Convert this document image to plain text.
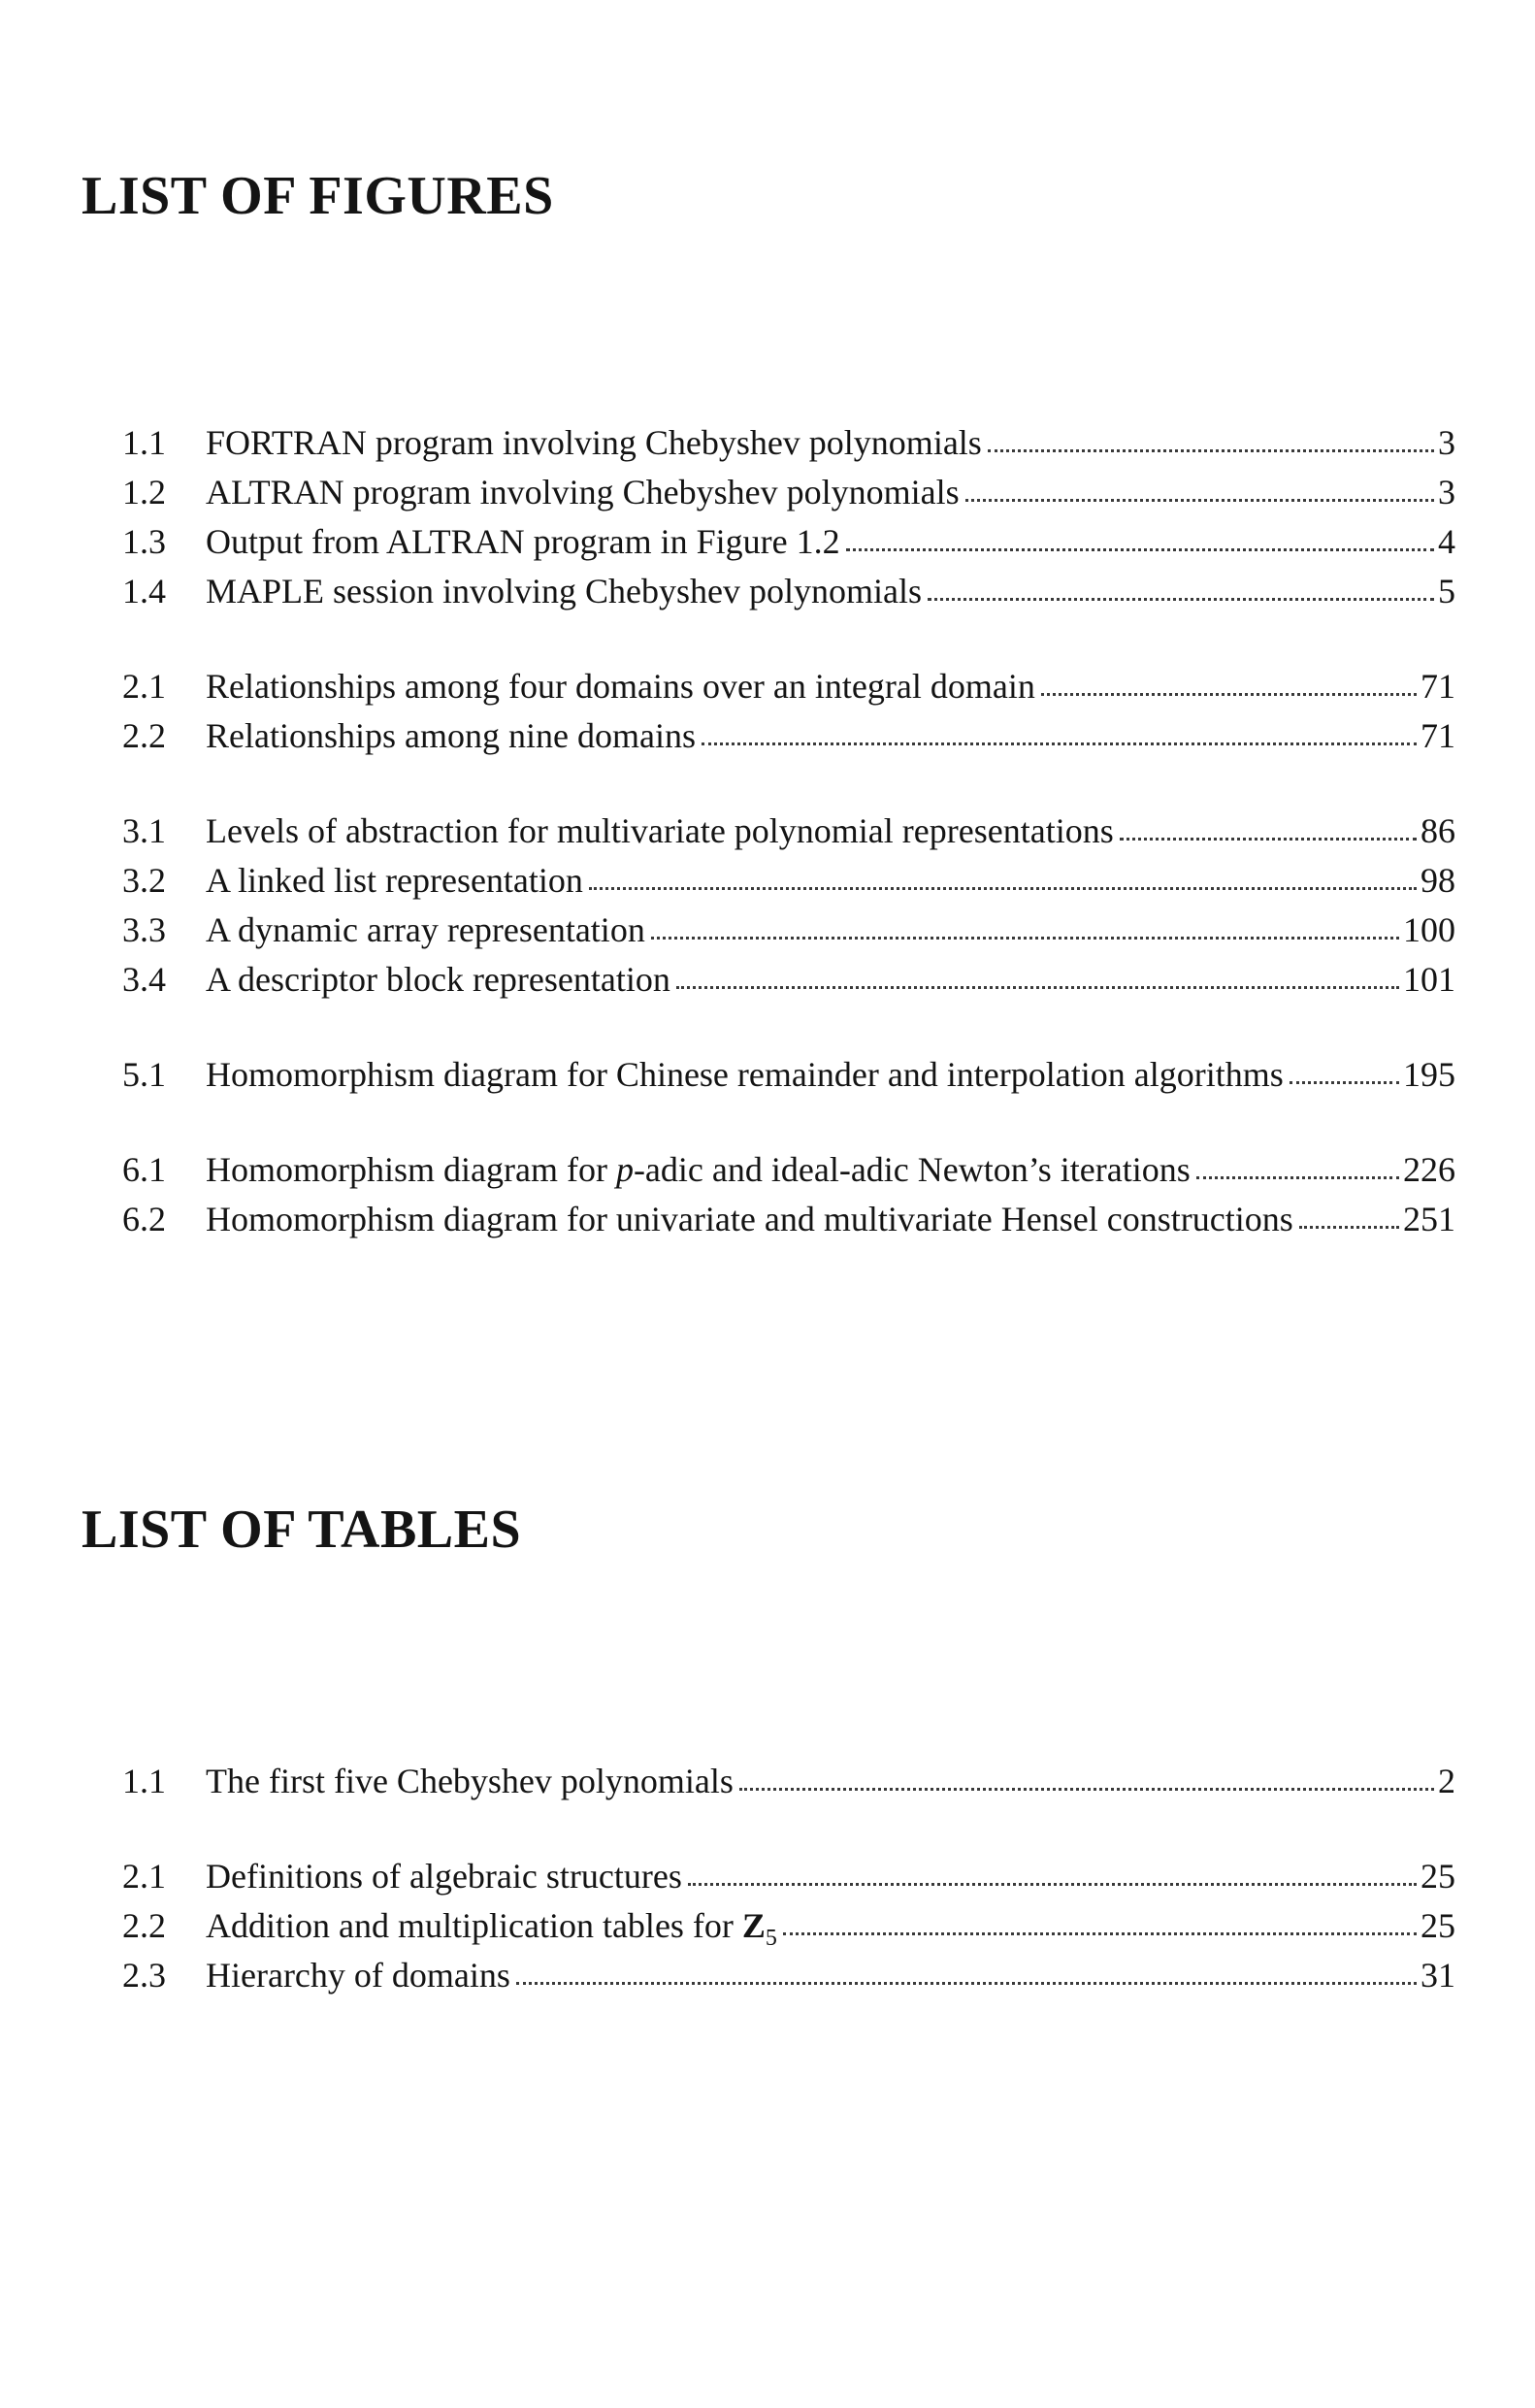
LIST OF FIGURES
1.1	FORTRAN program involving Chebyshev polynomials	3
1.2	ALTRAN program involving Chebyshev polynomials	3
1.3	Output from ALTRAN program in Figure 1.2	4
1.4	MAPLE session involving Chebyshev polynomials	5
2.1	Relationships among four domains over an integral domain	71
2.2	Relationships among nine domains	71
3.1	Levels of abstraction for multivariate polynomial representations	86
3.2	A linked list representation	98
3.3	A dynamic array representation	100
3.4	A descriptor block representation	101
5.1	Homomorphism diagram for Chinese remainder and interpolation algorithms	195
6.1	Homomorphism diagram for p-adic and ideal-adic Newton’s iterations	226
6.2	Homomorphism diagram for univariate and multivariate Hensel constructions	251
LIST OF TABLES
1.1	The first five Chebyshev polynomials	2
2.1	Definitions of algebraic structures	25
2.2	Addition and multiplication tables for $Z_5$	25
2.3	Hierarchy of domains	31
